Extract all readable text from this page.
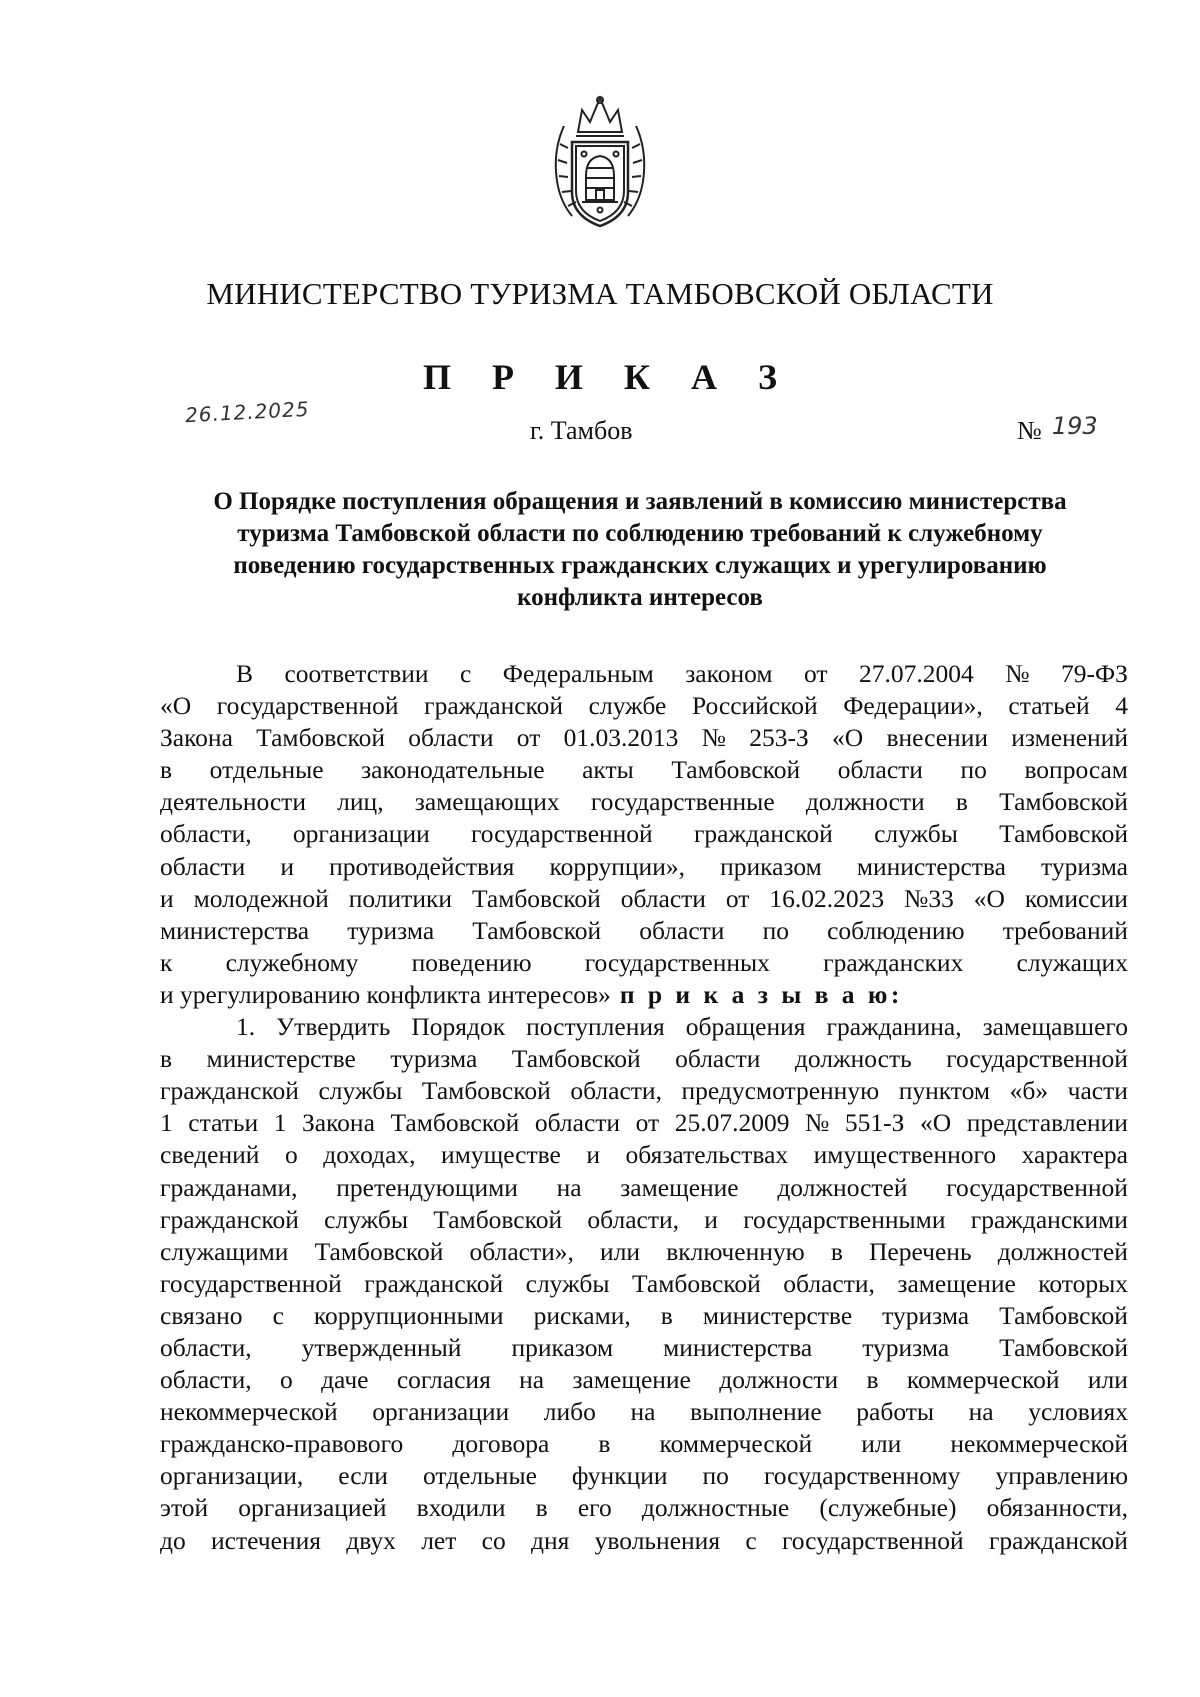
МИНИСТЕРСТВО ТУРИЗМА ТАМБОВСКОЙ ОБЛАСТИ
П Р И К А З
26.12.2025
г. Тамбов	№ 193
О Порядке поступления обращения и заявлений в комиссию министерства
туризма Тамбовской области по соблюдению требований к служебному
поведению государственных гражданских служащих и урегулированию
конфликта интересов
В соответствии с Федеральным законом от 27.07.2004 № 79-ФЗ
«О государственной гражданской службе Российской Федерации», статьей 4
Закона Тамбовской области от 01.03.2013 № 253-З «О внесении изменений
в отдельные законодательные акты Тамбовской области по вопросам
деятельности лиц, замещающих государственные должности в Тамбовской
области, организации государственной гражданской службы Тамбовской
области и противодействия коррупции», приказом министерства туризма
и молодежной политики Тамбовской области от 16.02.2023 №33 «О комиссии
министерства туризма Тамбовской области по соблюдению требований
к служебному поведению государственных гражданских служащих
и урегулированию конфликта интересов» п р и к а з ы в а ю:
1. Утвердить Порядок поступления обращения гражданина, замещавшего
в министерстве туризма Тамбовской области должность государственной
гражданской службы Тамбовской области, предусмотренную пунктом «б» части
1 статьи 1 Закона Тамбовской области от 25.07.2009 № 551-З «О представлении
сведений о доходах, имуществе и обязательствах имущественного характера
гражданами, претендующими на замещение должностей государственной
гражданской службы Тамбовской области, и государственными гражданскими
служащими Тамбовской области», или включенную в Перечень должностей
государственной гражданской службы Тамбовской области, замещение которых
связано с коррупционными рисками, в министерстве туризма Тамбовской
области, утвержденный приказом министерства туризма Тамбовской
области, о даче согласия на замещение должности в коммерческой или
некоммерческой организации либо на выполнение работы на условиях
гражданско-правового договора в коммерческой или некоммерческой
организации, если отдельные функции по государственному управлению
этой организацией входили в его должностные (служебные) обязанности,
до истечения двух лет со дня увольнения с государственной гражданской
